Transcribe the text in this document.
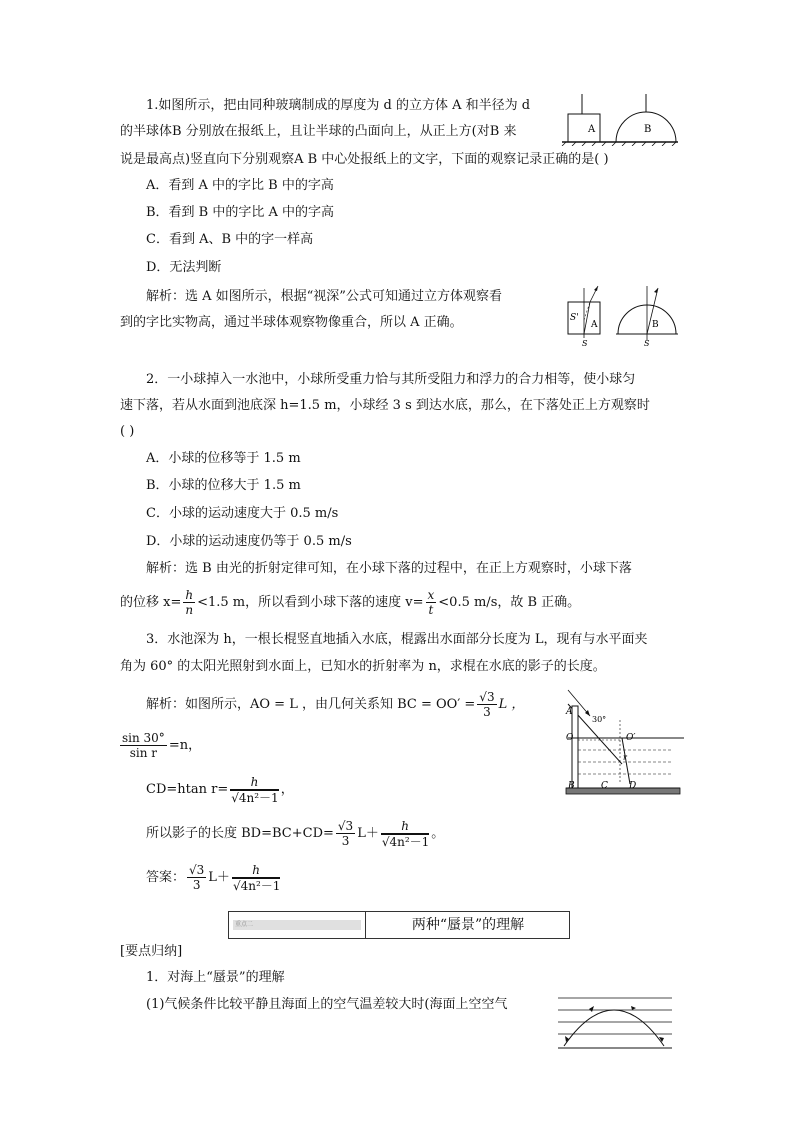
1.如图所示，把由同种玻璃制成的厚度为 d 的立方体 A 和半径为 d
的半球体B 分别放在报纸上，且让半球的凸面向上，从正上方(对B 来
说是最高点)竖直向下分别观察A B 中心处报纸上的文字，下面的观察记录正确的是( )
A．看到 A 中的字比 B 中的字高
B．看到 B 中的字比 A 中的字高
C．看到 A、B 中的字一样高
D．无法判断
解析：选 A 如图所示，根据“视深”公式可知通过立方体观察看
到的字比实物高，通过半球体观察物像重合，所以 A 正确。
A	B
S'
A
S
B
S
2．一小球掉入一水池中，小球所受重力恰与其所受阻力和浮力的合力相等，使小球匀
速下落，若从水面到池底深 h=1.5 m，小球经 3 s 到达水底，那么，在下落处正上方观察时
( )
A．小球的位移等于 1.5 m
B．小球的位移大于 1.5 m
C．小球的运动速度大于 0.5 m/s
D．小球的运动速度仍等于 0.5 m/s
解析：选 B 由光的折射定律可知，在小球下落的过程中，在正上方观察时，小球下落
的位移 $x= \frac{h}{n} <1.5$ m，所以看到小球下落的速度 $v= \frac{x}{t} <0.5$ m/s，故 B 正确。
3．水池深为 h，一根长棍竖直地插入水底，棍露出水面部分长度为 L，现有与水平面夹
角为 60° 的太阳光照射到水面上，已知水的折射率为 n，求棍在水底的影子的长度。
解析：如图所示，AO = L ，由几何关系知 BC = $OO' = \frac{√3}{3}$ L ，
$\frac{\sin 30^\circ}{\text{sin r}} =n$，
CD=htan $r= \frac{h}{\text{√4n²－1}}$ ，
所以影子的长度 $BD=BC+CD= \frac{√3}{3} L+ \frac{h}{\text{√4n²－1}}$ 。
答案： $\frac{√3}{3} L+ \frac{h}{\text{√4n²－1}}$
A
O	O′
30°
r
B	C D
重点二	两种“蜃景”的理解
[要点归纳]
1．对海上“蜃景”的理解
(1)气候条件比较平静且海面上的空气温差较大时(海面上空空气
